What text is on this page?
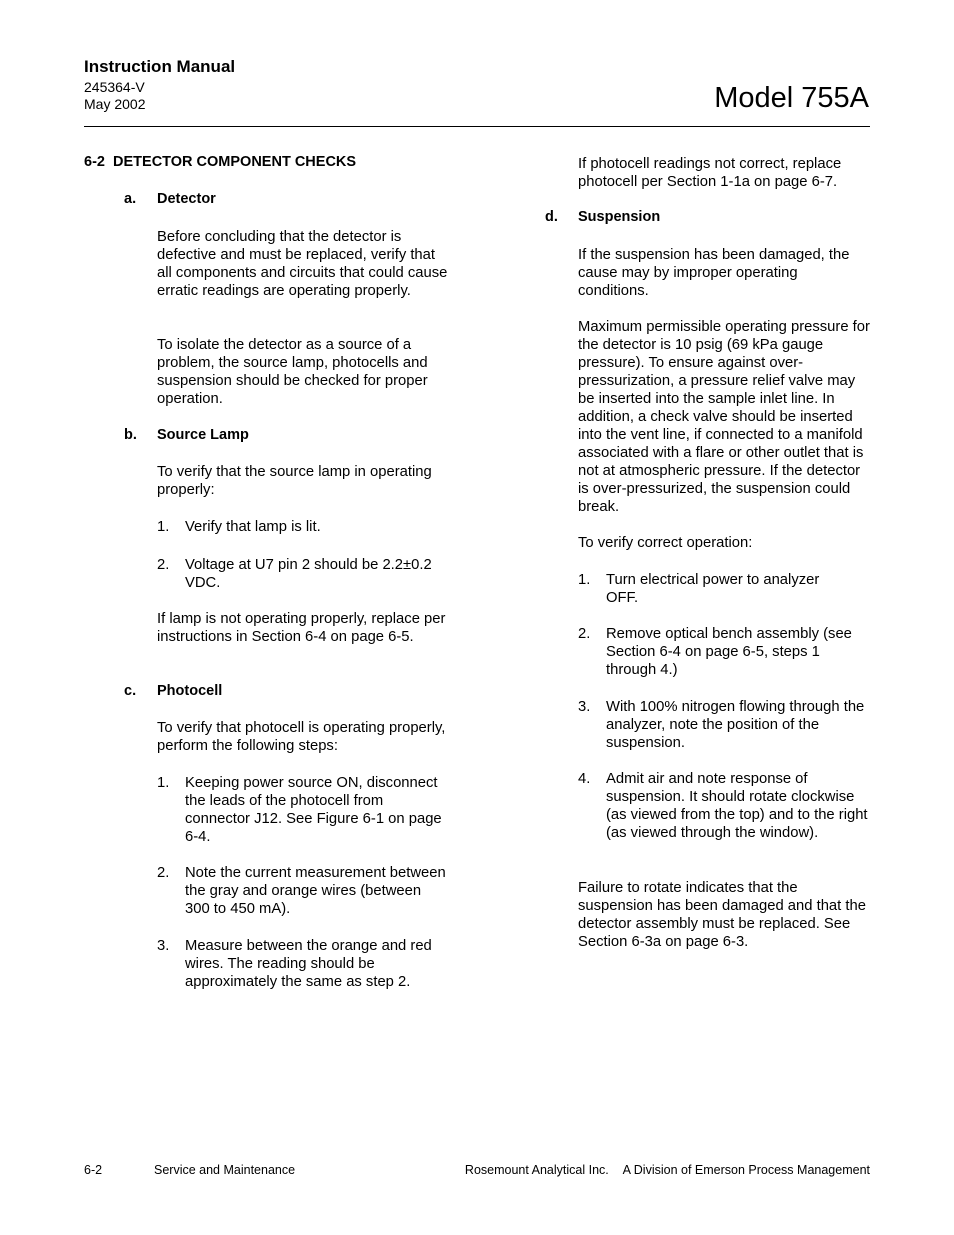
Instruction Manual
245364-V
May 2002	Model 755A
6-2 DETECTOR COMPONENT CHECKS
a. Detector
Before concluding that the detector is defective and must be replaced, verify that all components and circuits that could cause erratic readings are operating properly.
To isolate the detector as a source of a problem, the source lamp, photocells and suspension should be checked for proper operation.
b. Source Lamp
To verify that the source lamp in operating properly:
1. Verify that lamp is lit.
2. Voltage at U7 pin 2 should be 2.2±0.2 VDC.
If lamp is not operating properly, replace per instructions in Section 6-4 on page 6-5.
c. Photocell
To verify that photocell is operating properly, perform the following steps:
1. Keeping power source ON, disconnect the leads of the photocell from connector J12. See Figure 6-1 on page 6-4.
2. Note the current measurement between the gray and orange wires (between 300 to 450 mA).
3. Measure between the orange and red wires. The reading should be approximately the same as step 2.
If photocell readings not correct, replace photocell per Section 1-1a on page 6-7.
d. Suspension
If the suspension has been damaged, the cause may by improper operating conditions.
Maximum permissible operating pressure for the detector is 10 psig (69 kPa gauge pressure). To ensure against over-pressurization, a pressure relief valve may be inserted into the sample inlet line. In addition, a check valve should be inserted into the vent line, if connected to a manifold associated with a flare or other outlet that is not at atmospheric pressure. If the detector is over-pressurized, the suspension could break.
To verify correct operation:
1. Turn electrical power to analyzer OFF.
2. Remove optical bench assembly (see Section 6-4 on page 6-5, steps 1 through 4.)
3. With 100% nitrogen flowing through the analyzer, note the position of the suspension.
4. Admit air and note response of suspension. It should rotate clockwise (as viewed from the top) and to the right (as viewed through the window).
Failure to rotate indicates that the suspension has been damaged and that the detector assembly must be replaced. See Section 6-3a on page 6-3.
6-2	Service and Maintenance	Rosemount Analytical Inc. A Division of Emerson Process Management
